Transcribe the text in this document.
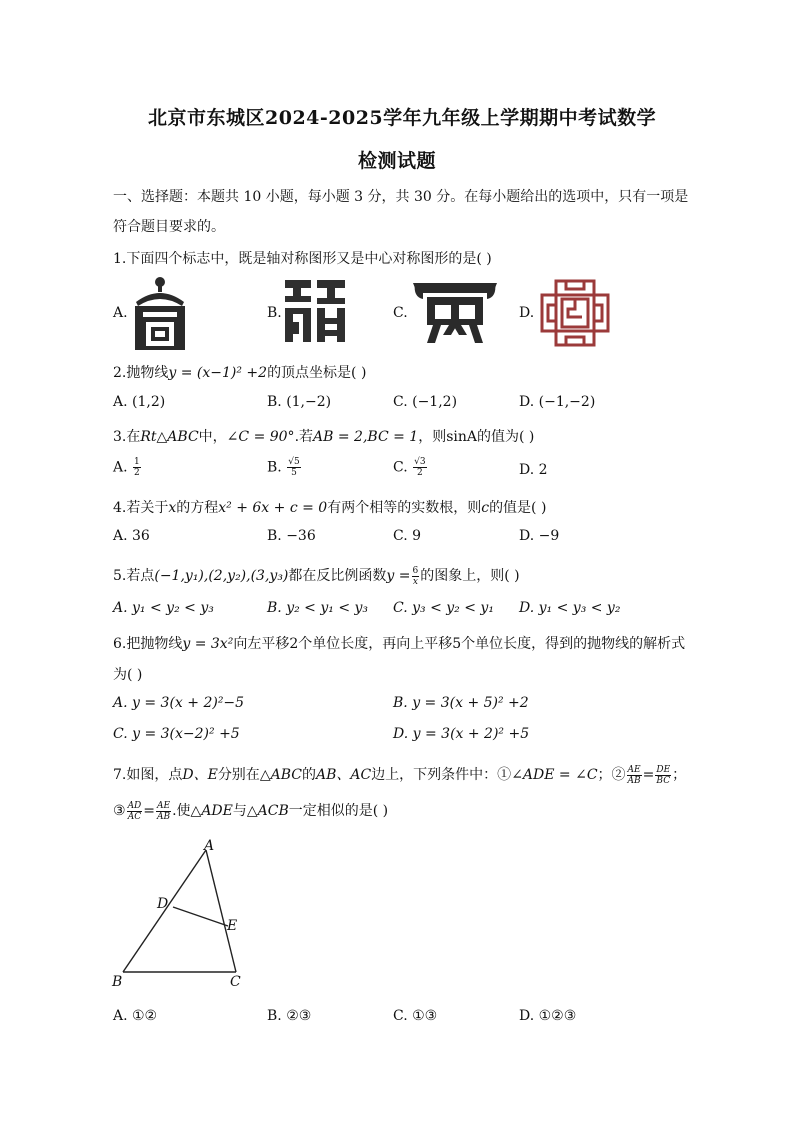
北京市东城区2024-2025学年九年级上学期期中考试数学
检测试题
一、选择题：本题共 10 小题，每小题 3 分，共 30 分。在每小题给出的选项中，只有一项是
符合题目要求的。
1.下面四个标志中，既是轴对称图形又是中心对称图形的是( )
A.	B.	C.	D.
2.抛物线y = (x−1)² +2的顶点坐标是( )
A. (1,2)	B. (1,−2)	C. (−1,2)	D. (−1,−2)
3.在Rt△ABC中，∠C = 90°.若AB = 2,BC = 1，则sinA的值为( )
A. $\frac{1}{2}$	B. $\frac{√5}{5}$	C. $\frac{√3}{2}$	D. 2
4.若关于x的方程x² + 6x + c = 0有两个相等的实数根，则c的值是( )
A. 36	B. −36	C. 9	D. −9
5.若点(−1,y₁),(2,y₂),(3,y₃)都在反比例函数$y = \frac{6}{x}$ 的图象上，则( )
A. y₁ < y₂ < y₃	B. y₂ < y₁ < y₃ C. y₃ < y₂ < y₁ D. y₁ < y₃ < y₂
6.把抛物线y = 3x²向左平移2个单位长度，再向上平移5个单位长度，得到的抛物线的解析式
为( )
A. y = 3(x + 2)²−5	B. y = 3(x + 5)² +2
C. y = 3(x−2)² +5	D. y = 3(x + 2)² +5
7.如图，点D、E分别在△ABC的AB、AC边上，下列条件中：①∠ADE = ∠C；② $\frac{AE}{AB} = \frac{DE}{BC}$ ；
③ $\frac{AD}{AC} = \frac{AE}{AB}$ .使△ADE与△ACB一定相似的是( )
A
D
E
B	C
A. ①②	B. ②③	C. ①③	D. ①②③
